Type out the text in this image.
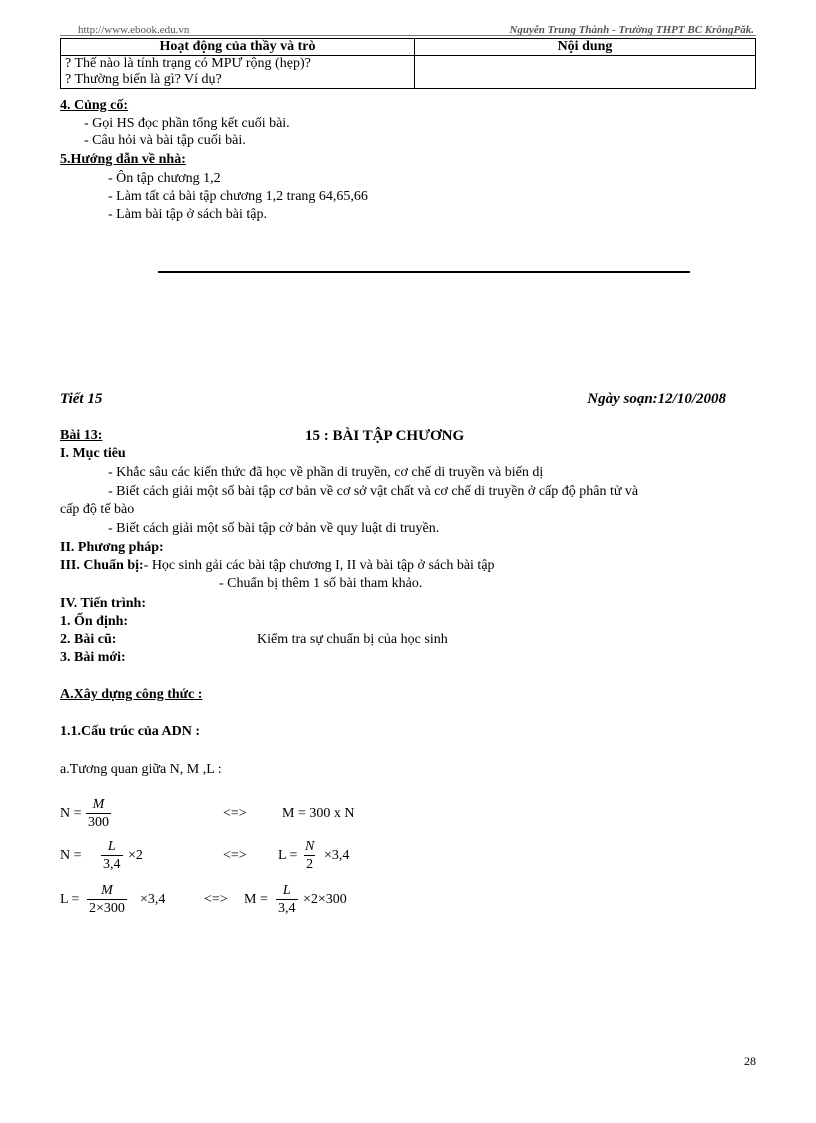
http://www.ebook.edu.vn	Nguyễn Trung Thành - Trường THPT BC KrôngPăk.
Hoạt động của thầy và trò	Nội dung

? Thế nào là tính trạng có MPƯ rộng (hẹp)?
? Thường biến là gì? Ví dụ?	

4. Củng cố:
- Gọi HS đọc phần tổng kết cuối bài.
- Câu hỏi và bài tập cuối bài.
5.Hướng dẫn về nhà:
- Ôn tập chương 1,2
- Làm tất cả bài tập chương 1,2 trang 64,65,66
- Làm bài tập ở sách bài tập.
Tiết 15	Ngày soạn:12/10/2008
Bài 13:	15 : BÀI TẬP CHƯƠNG
I. Mục tiêu
- Khắc sâu các kiến thức đã học về phần di truyền, cơ chế di truyền và biến dị
- Biết cách giải một số bài tập cơ bản về cơ sở vật chất và cơ chế di truyền ở cấp độ phân tử và
cấp độ tế bào
- Biết cách giải một số bài tập cở bản về quy luật di truyền.
II. Phương pháp:
III. Chuẩn bị:- Học sinh gải các bài tập chương I, II và bài tập ở sách bài tập
- Chuẩn bị thêm 1 số bài tham khảo.
IV. Tiến trình:
1. Ổn định:
2. Bài cũ:	Kiểm tra sự chuẩn bị của học sinh
3. Bài mới:
A.Xây dựng công thức :
1.1.Cấu trúc của ADN :
a.Tương quan giữa N, M ,L :
$N = \frac{M}{300}$	<=>	M = 300 x N
$N = \frac{L}{3,4} \times 2$	<=> $L = \frac{N}{2} \times 3,4$
$L = \frac{M}{2\times 300} \times 3,4$	<=> $M = \frac{L}{3,4} \times 2\times 300$
28
